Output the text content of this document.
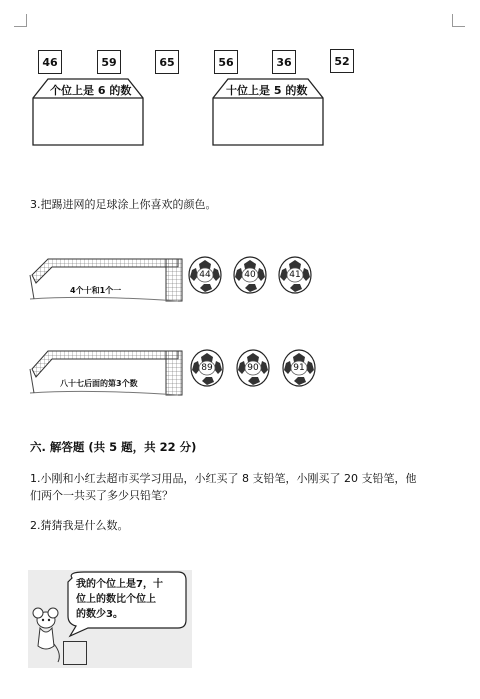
46	59	65	56	36	52
个位上是 6 的数	十位上是 5 的数
3.把踢进网的足球涂上你喜欢的颜色。
4个十和1个一
44	40	41
八十七后面的第3个数
89	90	91
六. 解答题 (共 5 题，共 22 分)
1.小刚和小红去超市买学习用品，小红买了 8 支铅笔，小刚买了 20 支铅笔，他
们两个一共买了多少只铅笔？
2.猜猜我是什么数。
我的个位上是7，十
位上的数比个位上
的数少3。
